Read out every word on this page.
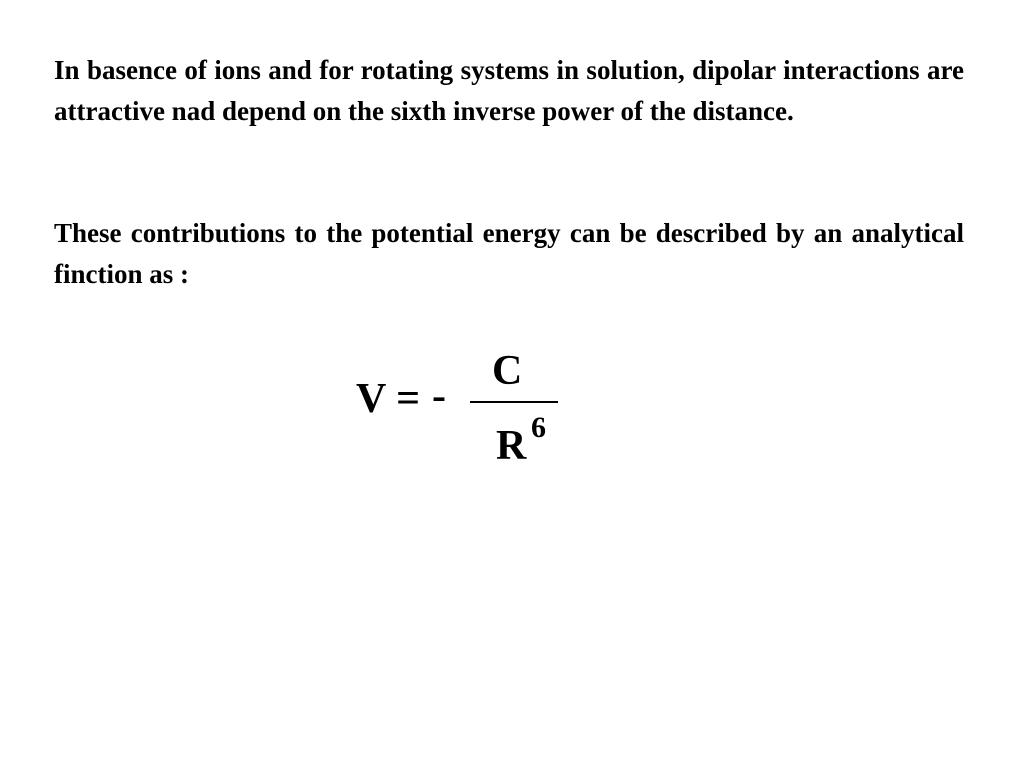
In basence of ions and for rotating systems in solution, dipolar interactions are attractive nad depend on the sixth inverse power of the distance.

These contributions to the potential energy can be described by an analytical finction as :

V = -
C
R 6
